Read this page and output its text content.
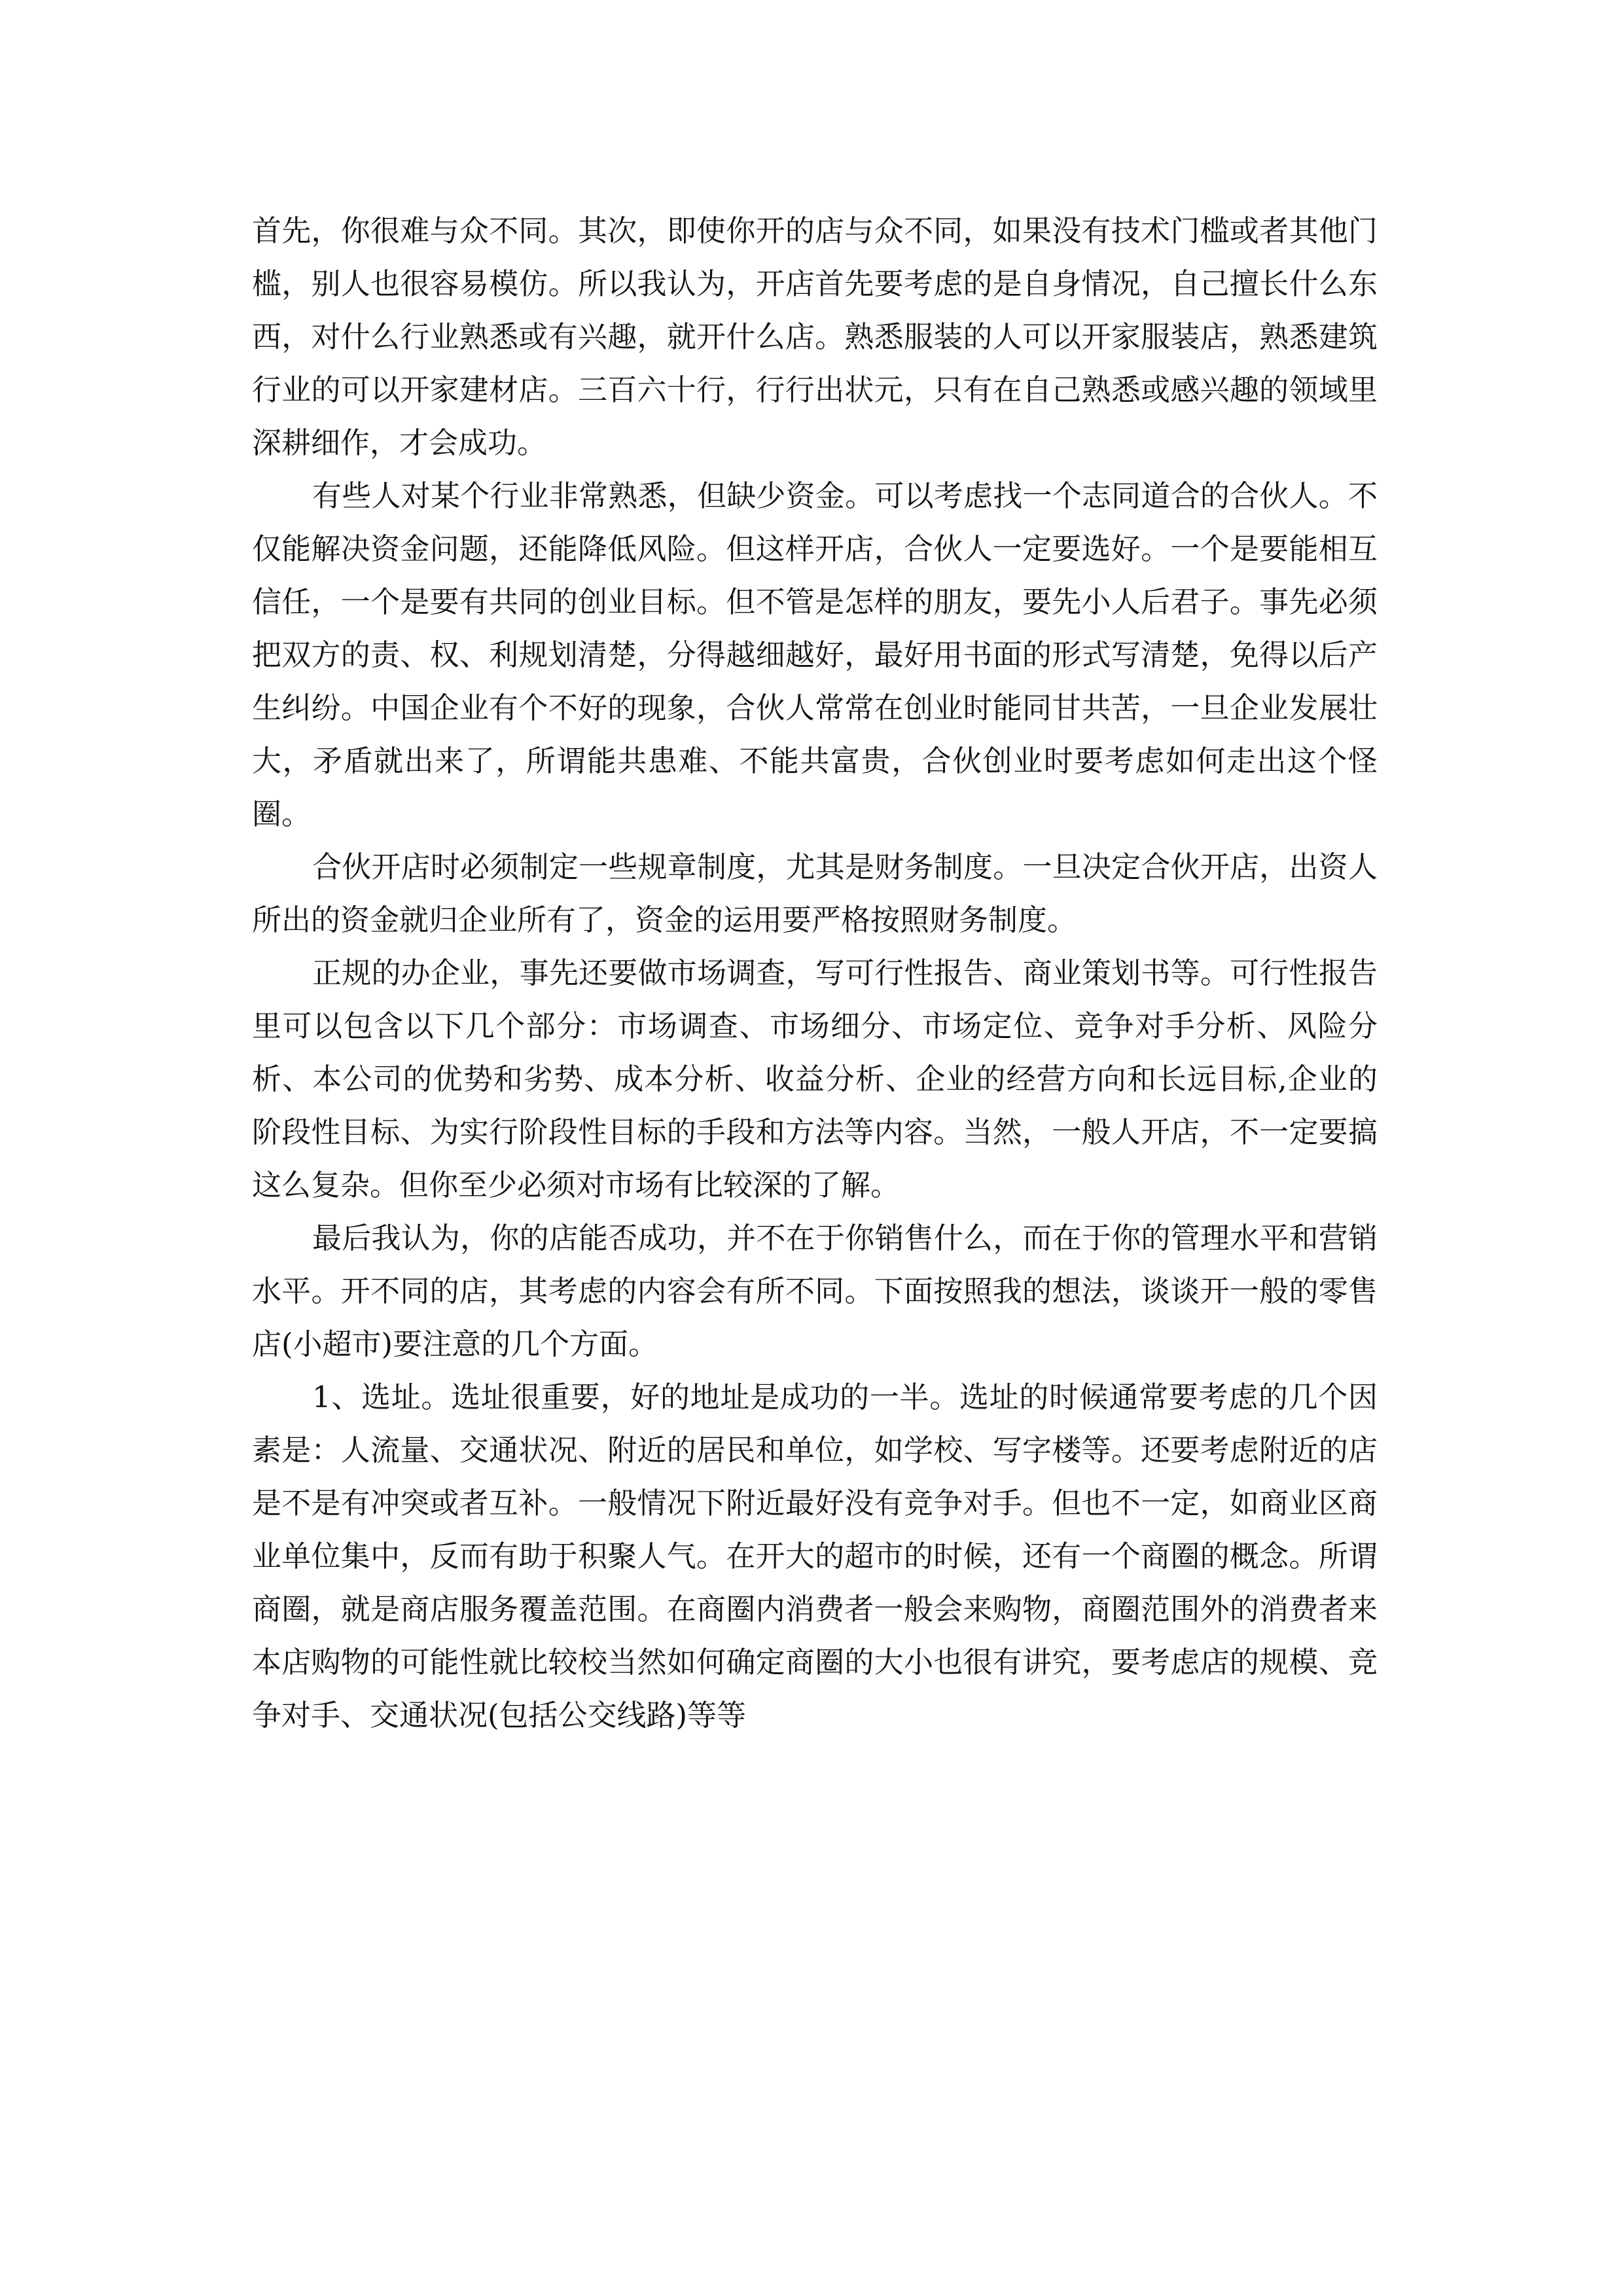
首先，你很难与众不同。其次，即使你开的店与众不同，如果没有技术门槛或者其他门槛，别人也很容易模仿。所以我认为，开店首先要考虑的是自身情况，自己擅长什么东西，对什么行业熟悉或有兴趣，就开什么店。熟悉服装的人可以开家服装店，熟悉建筑行业的可以开家建材店。三百六十行，行行出状元，只有在自己熟悉或感兴趣的领域里深耕细作，才会成功。

有些人对某个行业非常熟悉，但缺少资金。可以考虑找一个志同道合的合伙人。不仅能解决资金问题，还能降低风险。但这样开店，合伙人一定要选好。一个是要能相互信任，一个是要有共同的创业目标。但不管是怎样的朋友，要先小人后君子。事先必须把双方的责、权、利规划清楚，分得越细越好，最好用书面的形式写清楚，免得以后产生纠纷。中国企业有个不好的现象，合伙人常常在创业时能同甘共苦，一旦企业发展壮大，矛盾就出来了，所谓能共患难、不能共富贵，合伙创业时要考虑如何走出这个怪圈。

合伙开店时必须制定一些规章制度，尤其是财务制度。一旦决定合伙开店，出资人所出的资金就归企业所有了，资金的运用要严格按照财务制度。

正规的办企业，事先还要做市场调查，写可行性报告、商业策划书等。可行性报告里可以包含以下几个部分：市场调查、市场细分、市场定位、竞争对手分析、风险分析、本公司的优势和劣势、成本分析、收益分析、企业的经营方向和长远目标,企业的阶段性目标、为实行阶段性目标的手段和方法等内容。当然，一般人开店，不一定要搞这么复杂。但你至少必须对市场有比较深的了解。

最后我认为，你的店能否成功，并不在于你销售什么，而在于你的管理水平和营销水平。开不同的店，其考虑的内容会有所不同。下面按照我的想法，谈谈开一般的零售店(小超市)要注意的几个方面。

1、选址。选址很重要，好的地址是成功的一半。选址的时候通常要考虑的几个因素是：人流量、交通状况、附近的居民和单位，如学校、写字楼等。还要考虑附近的店是不是有冲突或者互补。一般情况下附近最好没有竞争对手。但也不一定，如商业区商业单位集中，反而有助于积聚人气。在开大的超市的时候，还有一个商圈的概念。所谓商圈，就是商店服务覆盖范围。在商圈内消费者一般会来购物，商圈范围外的消费者来本店购物的可能性就比较校当然如何确定商圈的大小也很有讲究，要考虑店的规模、竞争对手、交通状况(包括公交线路)等等
